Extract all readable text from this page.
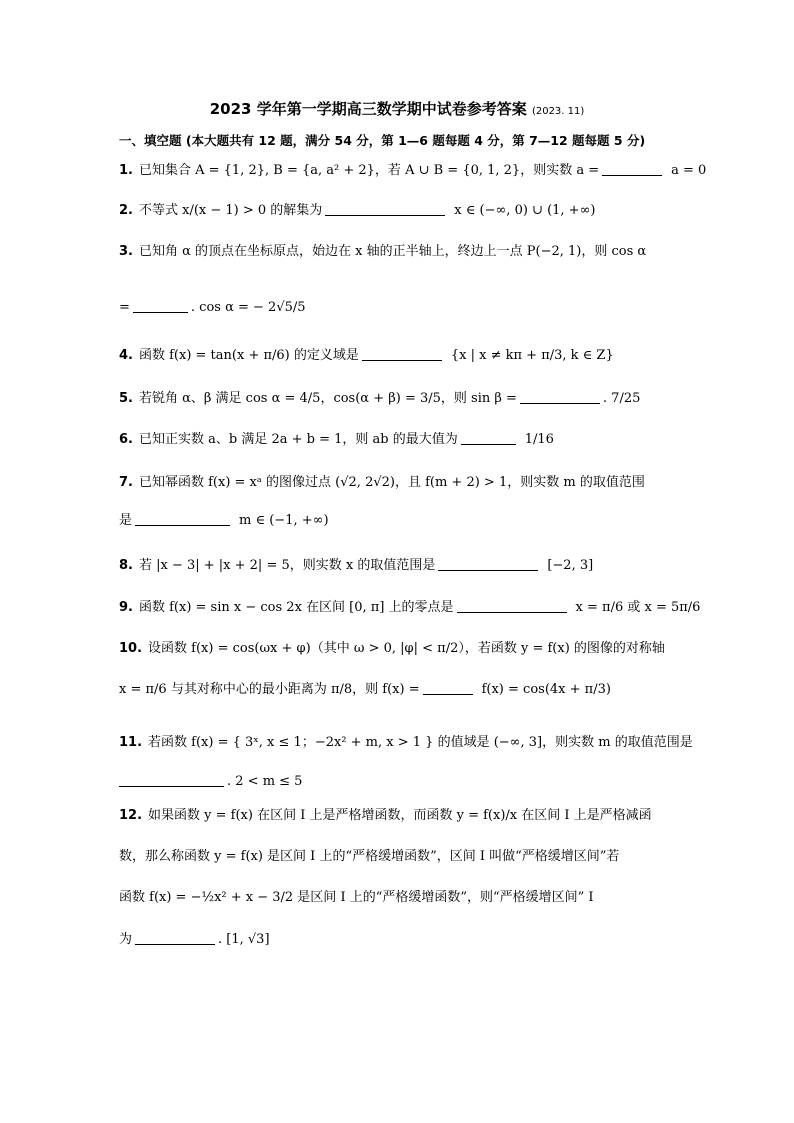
2023 学年第一学期高三数学期中试卷参考答案 (2023. 11)
一、填空题 (本大题共有 12 题，满分 54 分，第 1—6 题每题 4 分，第 7—12 题每题 5 分)
1. 已知集合 A = {1, 2}, B = {a, a² + 2}，若 A ∪ B = {0, 1, 2}，则实数 a =	a = 0
2. 不等式 x/(x − 1) > 0 的解集为	x ∈ (−∞, 0) ∪ (1, +∞)
3. 已知角 α 的顶点在坐标原点，始边在 x 轴的正半轴上，终边上一点 P(−2, 1)，则 cos α
=	. cos α = − 2√5/5
4. 函数 f(x) = tan(x + π/6) 的定义域是	{x | x ≠ kπ + π/3, k ∈ Z}
5. 若锐角 α、β 满足 cos α = 4/5，cos(α + β) = 3/5，则 sin β =	. 7/25
6. 已知正实数 a、b 满足 2a + b = 1，则 ab 的最大值为	1/16
7. 已知幂函数 f(x) = xᵃ 的图像过点 (√2, 2√2)，且 f(m + 2) > 1，则实数 m 的取值范围
是	m ∈ (−1, +∞)
8. 若 |x − 3| + |x + 2| = 5，则实数 x 的取值范围是	[−2, 3]
9. 函数 f(x) = sin x − cos 2x 在区间 [0, π] 上的零点是	x = π/6 或 x = 5π/6
10. 设函数 f(x) = cos(ωx + φ)（其中 ω > 0, |φ| < π/2），若函数 y = f(x) 的图像的对称轴
x = π/6 与其对称中心的最小距离为 π/8，则 f(x) =	f(x) = cos(4x + π/3)
11. 若函数 f(x) = { 3ˣ, x ≤ 1；−2x² + m, x > 1 } 的值域是 (−∞, 3]，则实数 m 的取值范围是
. 2 < m ≤ 5
12. 如果函数 y = f(x) 在区间 I 上是严格增函数，而函数 y = f(x)/x 在区间 I 上是严格减函
数，那么称函数 y = f(x) 是区间 I 上的“严格缓增函数”，区间 I 叫做“严格缓增区间”若
函数 f(x) = −½x² + x − 3/2 是区间 I 上的“严格缓增函数”，则“严格缓增区间” I
为	. [1, √3]
